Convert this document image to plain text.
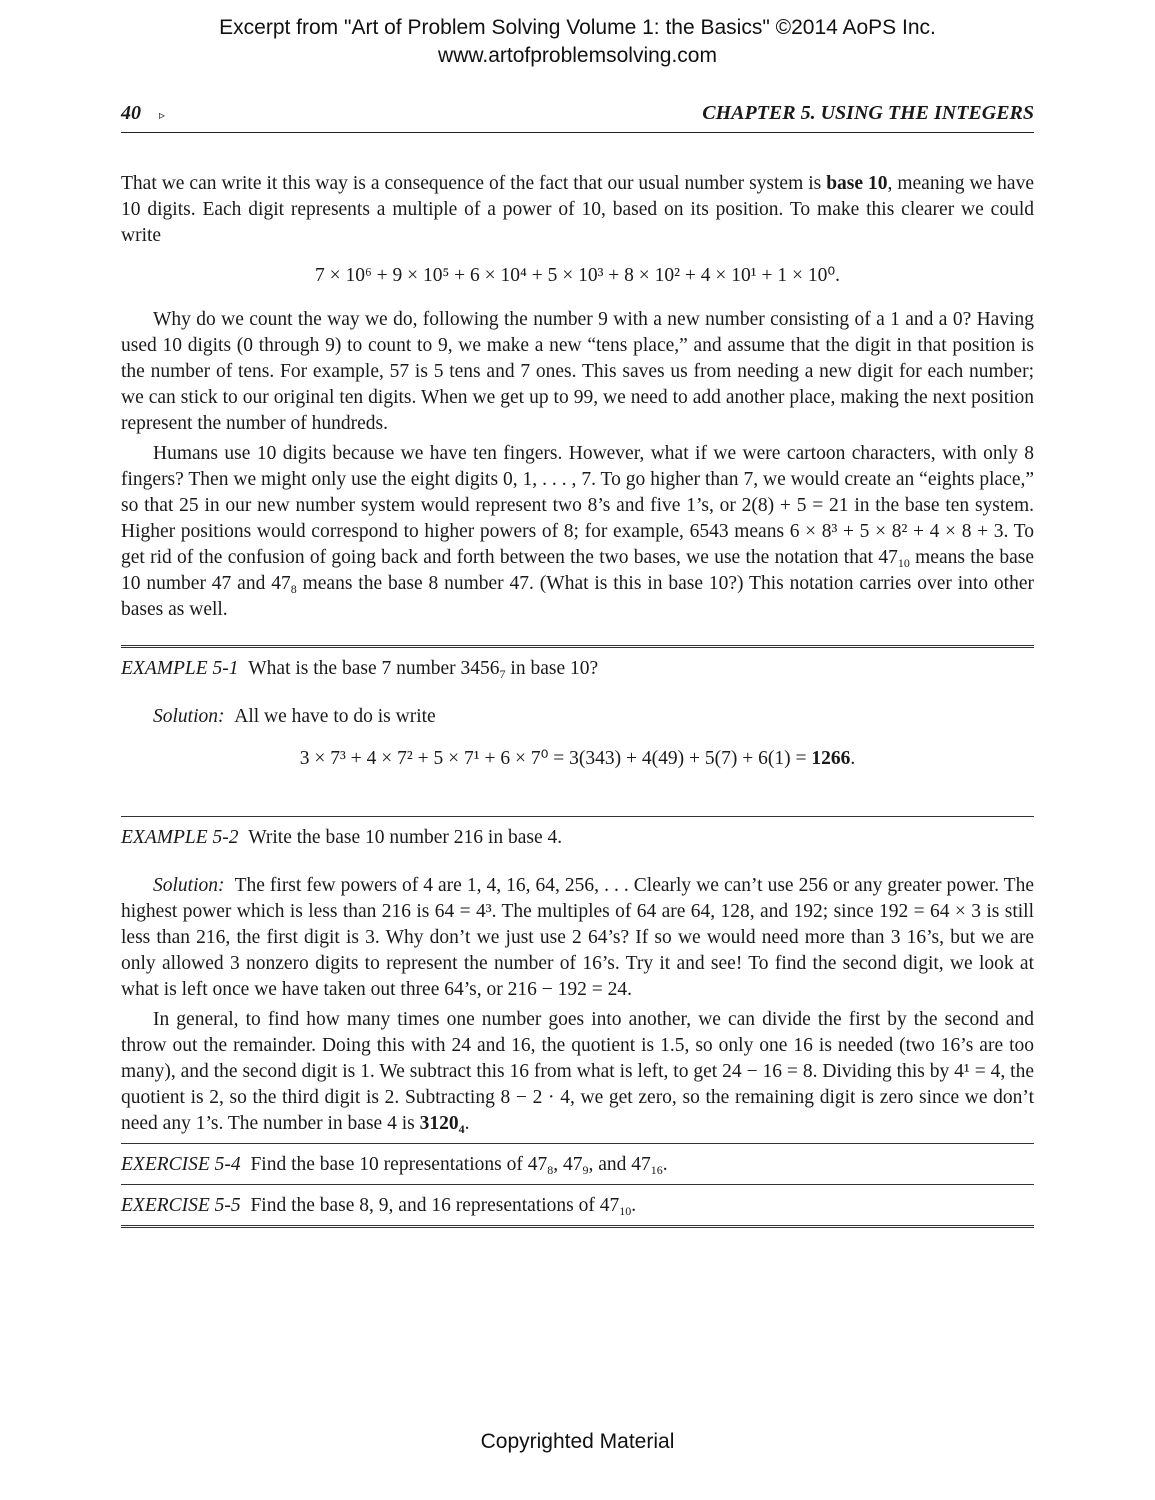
Excerpt from "Art of Problem Solving Volume 1: the Basics" ©2014 AoPS Inc.
www.artofproblemsolving.com
40 ▹	CHAPTER 5. USING THE INTEGERS

That we can write it this way is a consequence of the fact that our usual number system is base 10, meaning we have 10 digits. Each digit represents a multiple of a power of 10, based on its position. To make this clearer we could write

7 × 10⁶ + 9 × 10⁵ + 6 × 10⁴ + 5 × 10³ + 8 × 10² + 4 × 10¹ + 1 × 10⁰.

Why do we count the way we do, following the number 9 with a new number consisting of a 1 and a 0? Having used 10 digits (0 through 9) to count to 9, we make a new “tens place,” and assume that the digit in that position is the number of tens. For example, 57 is 5 tens and 7 ones. This saves us from needing a new digit for each number; we can stick to our original ten digits. When we get up to 99, we need to add another place, making the next position represent the number of hundreds.

Humans use 10 digits because we have ten fingers. However, what if we were cartoon characters, with only 8 fingers? Then we might only use the eight digits 0, 1, . . . , 7. To go higher than 7, we would create an “eights place,” so that 25 in our new number system would represent two 8’s and five 1’s, or 2(8) + 5 = 21 in the base ten system. Higher positions would correspond to higher powers of 8; for example, 6543 means 6 × 8³ + 5 × 8² + 4 × 8 + 3. To get rid of the confusion of going back and forth between the two bases, we use the notation that $47_{10}$ means the base 10 number 47 and $47_8$ means the base 8 number 47. (What is this in base 10?) This notation carries over into other bases as well.

EXAMPLE 5-1 What is the base 7 number $3456_7$ in base 10?

Solution: All we have to do is write

3 × 7³ + 4 × 7² + 5 × 7¹ + 6 × 7⁰ = 3(343) + 4(49) + 5(7) + 6(1) = 1266.
EXAMPLE 5-2 Write the base 10 number 216 in base 4.

Solution: The first few powers of 4 are 1, 4, 16, 64, 256, . . . Clearly we can’t use 256 or any greater power. The highest power which is less than 216 is 64 = 4³. The multiples of 64 are 64, 128, and 192; since 192 = 64 × 3 is still less than 216, the first digit is 3. Why don’t we just use 2 64’s? If so we would need more than 3 16’s, but we are only allowed 3 nonzero digits to represent the number of 16’s. Try it and see! To find the second digit, we look at what is left once we have taken out three 64’s, or 216 − 192 = 24.

In general, to find how many times one number goes into another, we can divide the first by the second and throw out the remainder. Doing this with 24 and 16, the quotient is 1.5, so only one 16 is needed (two 16’s are too many), and the second digit is 1. We subtract this 16 from what is left, to get 24 − 16 = 8. Dividing this by 4¹ = 4, the quotient is 2, so the third digit is 2. Subtracting 8 − 2 · 4, we get zero, so the remaining digit is zero since we don’t need any 1’s. The number in base 4 is $3120_4$.

EXERCISE 5-4 Find the base 10 representations of $47_8$, $47_9$, and $47_{16}$.
EXERCISE 5-5 Find the base 8, 9, and 16 representations of $47_{10}$.
Copyrighted Material
